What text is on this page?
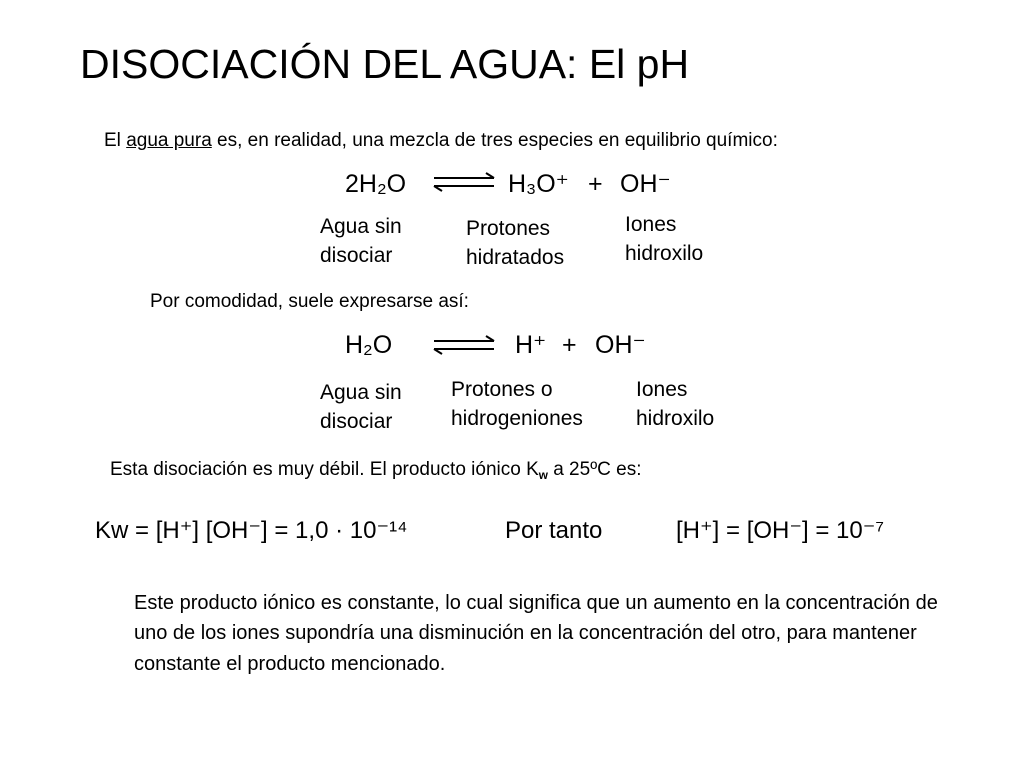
DISOCIACIÓN DEL AGUA: El pH
El agua pura es, en realidad, una mezcla de tres especies en equilibrio químico:
2H₂O ⇌ H₃O⁺ + OH⁻
Agua sin
disociar
Protones
hidratados
Iones
hidroxilo
Por comodidad, suele expresarse así:
H₂O ⇌ H⁺ + OH⁻
Agua sin
disociar
Protones o
hidrogeniones
Iones
hidroxilo
Esta disociación es muy débil. El producto iónico $K_w$ a 25ºC es:
Kw = [H⁺] [OH⁻] = 1,0 · 10⁻¹⁴	Por tanto	[H⁺] = [OH⁻] = 10⁻⁷
Este producto iónico es constante, lo cual significa que un aumento en la concentración de uno de los iones supondría una disminución en la concentración del otro, para mantener constante el producto mencionado.
